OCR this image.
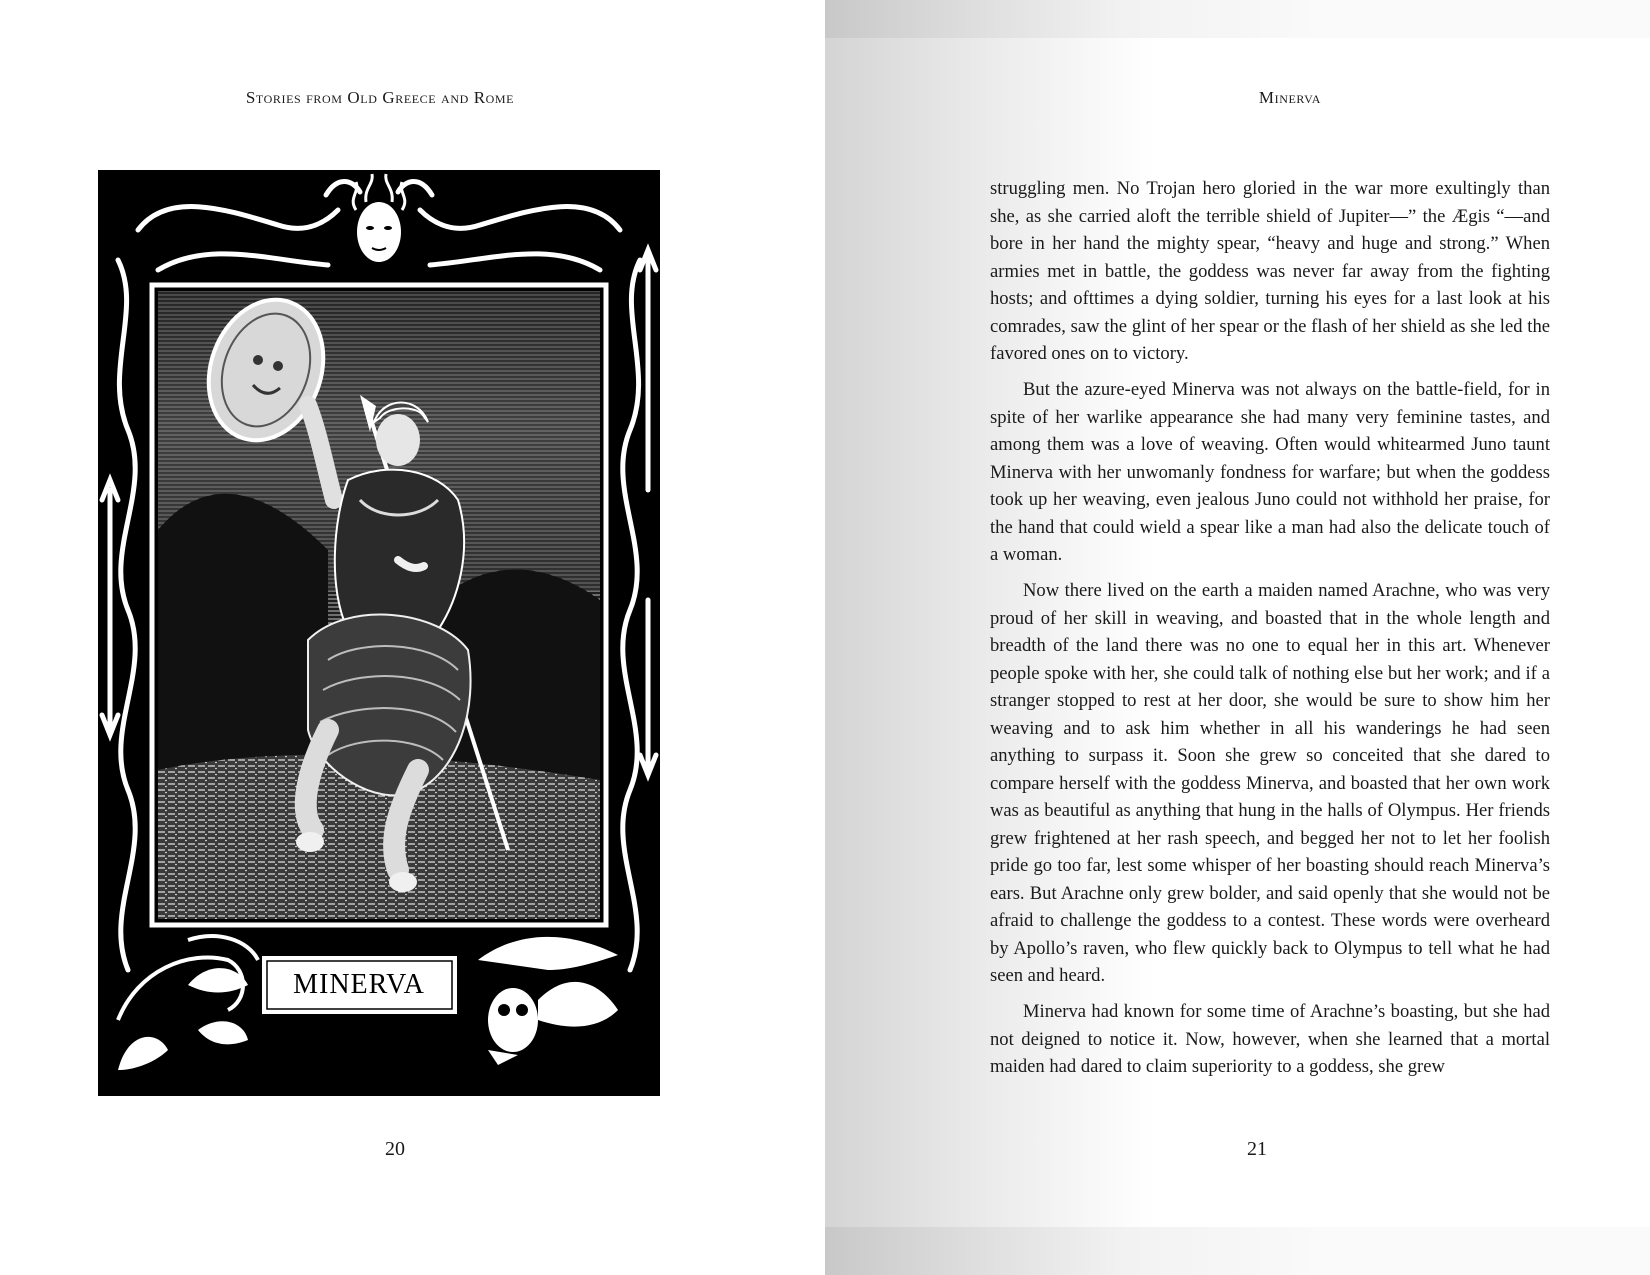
Stories from Old Greece and Rome
MINERVA
20
Minerva

struggling men. No Trojan hero gloried in the war more exultingly than she, as she carried aloft the terrible shield of Jupiter—” the Ægis “—and bore in her hand the mighty spear, “heavy and huge and strong.” When armies met in battle, the goddess was never far away from the fighting hosts; and ofttimes a dying soldier, turning his eyes for a last look at his comrades, saw the glint of her spear or the flash of her shield as she led the favored ones on to victory.

But the azure-eyed Minerva was not always on the battle-field, for in spite of her warlike appearance she had many very feminine tastes, and among them was a love of weaving. Often would whitearmed Juno taunt Minerva with her unwomanly fondness for warfare; but when the goddess took up her weaving, even jealous Juno could not withhold her praise, for the hand that could wield a spear like a man had also the delicate touch of a woman.

Now there lived on the earth a maiden named Arachne, who was very proud of her skill in weaving, and boasted that in the whole length and breadth of the land there was no one to equal her in this art. Whenever people spoke with her, she could talk of nothing else but her work; and if a stranger stopped to rest at her door, she would be sure to show him her weaving and to ask him whether in all his wanderings he had seen anything to surpass it. Soon she grew so conceited that she dared to compare herself with the goddess Minerva, and boasted that her own work was as beautiful as anything that hung in the halls of Olympus. Her friends grew frightened at her rash speech, and begged her not to let her foolish pride go too far, lest some whisper of her boasting should reach Minerva’s ears. But Arachne only grew bolder, and said openly that she would not be afraid to challenge the goddess to a contest. These words were overheard by Apollo’s raven, who flew quickly back to Olympus to tell what he had seen and heard.

Minerva had known for some time of Arachne’s boasting, but she had not deigned to notice it. Now, however, when she learned that a mortal maiden had dared to claim superiority to a goddess, she grew

21
